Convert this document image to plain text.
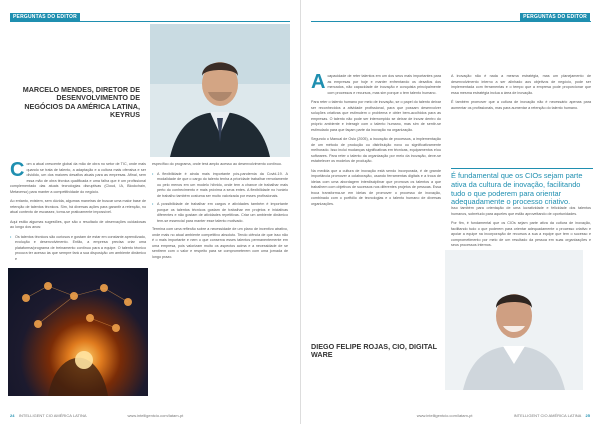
PERGUNTAS DO EDITOR
MARCELO MENDES, DIRETOR DE DESENVOLVIMENTO DE NEGÓCIOS DA AMÉRICA LATINA, KEYRUS

Com a atual crescente global da mão de obra no setor de TIC, onde mais quando se trata de talento, a adaptação e a cultura mais ofensiva e ser dividido, um dos maiores desafios atuais para as empresas. Afinal, sem essa mão de obra técnica qualificada e uma falha que é um profissional complementado das atuais tecnologias disruptivas (Cloud, IA, Blockchain, Metaverso) para manter a competitividade do negócio.

Ao entanto, existem, sem dúvida, algumas maneiras de buscar uma maior base de retenção de talentos técnicos. Sim, há diversas ações para garantir a retenção, no atual contexto de escassez, torna-se praticamente impossível.

Aqui estão algumas sugestões, que são o resultado de observações cuidadosas ao longo dos anos:

• Os talentos técnicos são curiosos e gostam de estar em constante aprendizado, evolução e desenvolvimento. Então, a empresa precisa criar uma plataforma/programa de treinamento contínuo para a equipe. O talento técnico procura ter acesso às que sempre fará a sua disposição um ambiente dinâmico e

específico do programa, onde terá amplo acesso ao desenvolvimento contínuo.

• A flexibilidade é ainda mais importante pós-pandemia da Covid-19. A modalidade de que o cargo do talento tenha a prioridade trabalhar remotamente ou pelo menos em um modelo híbrido, onde tem a chance de trabalhar mais perto do conhecimento e mais próxima a seus entes. A flexibilidade no horário de trabalho também costuma ser muito valorizada por esses profissionais.
• A possibilidade de trabalhar em cargos e atividades também é importante porque os talentos técnicos gostam de trabalhar em projetos e iniciativas diferentes e não gostam de atividades repetitivas. Criar um ambiente dinâmico tem-se essencial para manter esse talento motivado.

Termina com uma reflexão sobre a necessidade de um plano de incentivo atrativo, onde mais no atual ambiente competitivo absoluto. Tendo ciência de que isso não é o mais importante e nem o que conserva esses talentos permanentemente em uma empresa, pois valorizam muito os aspectos acima e a necessidade de se sentirem com o valor e respeito para se comprometerem com uma jornada de longo prazo.

24 INTELLIGENT CIO AMÉRICA LATINA	www.intelligentcio.com/latam-pt
PERGUNTAS DO EDITOR

Acapacidade de reter talentos em um dos seus mais importantes para as empresas por hoje e manter enfrentando os desafios dos mercados, não capacidade de inovação e conquista principalmente com processos e recursos, mas sim porque o tem talento humano.

Para reter o talento humano por meio de inovação, se o papel do talento deixar ser reconhecidos a atividade profissional, para que possam desenvolver soluções criativas que estimulem o problema e obter bem-acolhidos para as empresas. O talento não pode ser interrompido se deixar de inovar dentro do próprio ambiente e interagir com o talento humano, mas sim de sentir-se estimulado para que façam parte da inovação na organização.

Segundo o Manual de Oslo (2005), a inovação de processos, a implementação de um método de produção ou distribuição novo ou significativamente melhorado. Isso inclui mudanças significativas em técnicas, equipamentos e/ou softwares. Para reter o talento da organização por meio da inovação, deve-se estabelecer os modelos de produção.

Na medida que a cultura de inovação está sendo incorporada, é de grande importância promover a colaboração, usando ferramentas digitais e a troca de ideias com uma abordagem interdisciplinar que promova os talentos a que trabalhem com objetivos de sucessos nos diferentes projetos de pessoas. Essa troca transforma-se em ideias de promover o processo de inovação, combinado com o portfólio de tecnologias e o talento humano de diversas organizações.

A inovação não é nada a mesma estratégia, mas um planejamento de desenvolvimento interno a ser alinhado aos objetivos de negócio, pode ser implementada com ferramentas e o tempo que a empresa pode proporcionar que essa mesma estratégia inclua a área de inovação.

É também promover que a cultura de inovação não é necessário apenas para aumentar os profissionais, mas para aumentar a retenção do talento humano.

É fundamental que os CIOs sejam parte ativa da cultura de inovação, facilitando tudo o que poderem para orientar adequadamente o processo criativo.

Isso também para orientação de uma lucratividade e felicidade dos talentos humanos, sobretudo para aqueles que estão aproveitando de oportunidades.

Por fim, é fundamental que os CIOs sejam parte ativa da cultura de inovação, facilitando tudo o que poderem para orientar adequadamente o processo criativo e apoiar a equipe na incorporação de recursos a sua a equipe que tem o sucesso e comprometimento por meio de um resultado da pessoa em suas organizações e seus processos internos.

DIEGO FELIPE ROJAS, CIO, DIGITAL WARE
www.intelligentcio.com/latam-pt	INTELLIGENT CIO AMÉRICA LATINA 25
